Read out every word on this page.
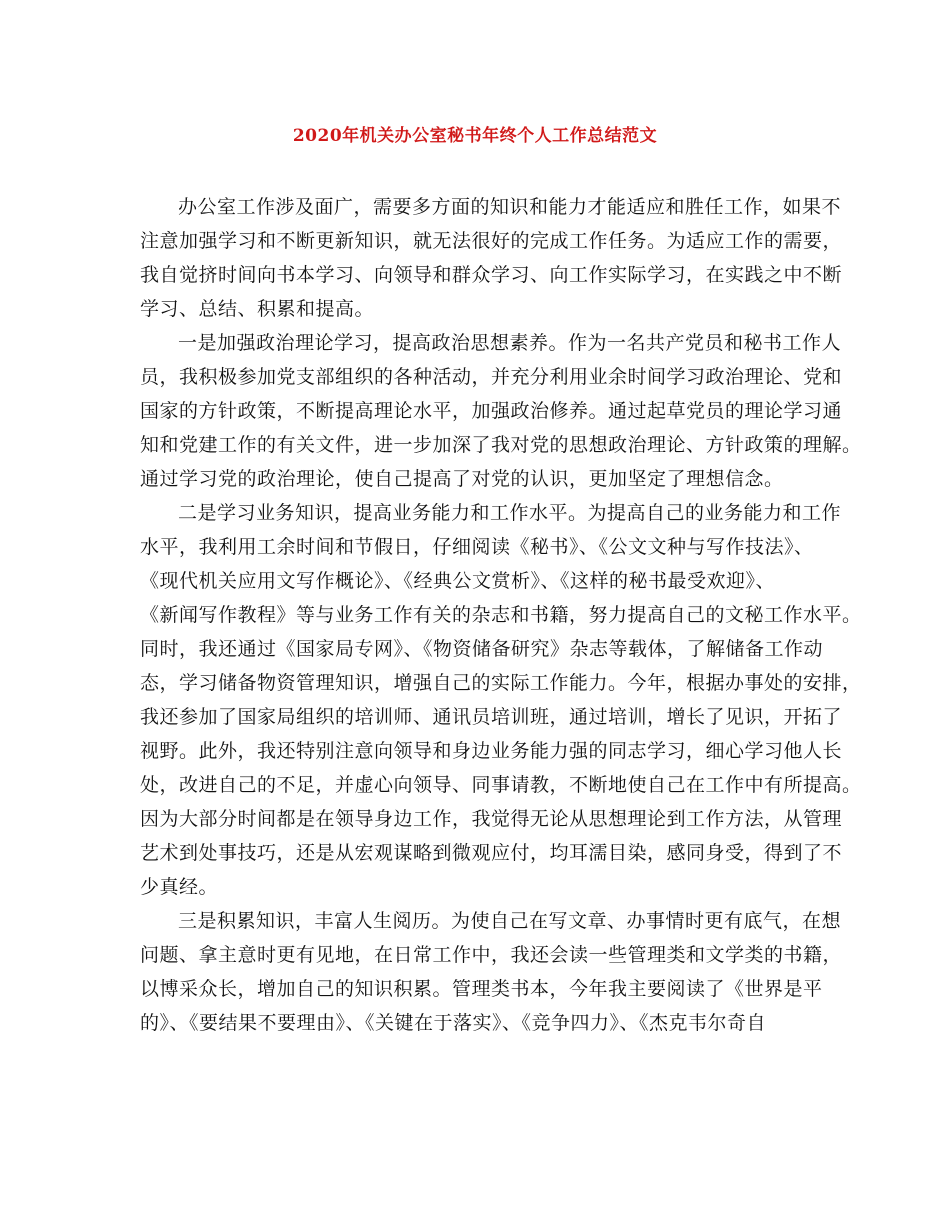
2020年机关办公室秘书年终个人工作总结范文
办公室工作涉及面广，需要多方面的知识和能力才能适应和胜任工作，如果不
注意加强学习和不断更新知识，就无法很好的完成工作任务。为适应工作的需要，
我自觉挤时间向书本学习、向领导和群众学习、向工作实际学习，在实践之中不断
学习、总结、积累和提高。
一是加强政治理论学习，提高政治思想素养。作为一名共产党员和秘书工作人
员，我积极参加党支部组织的各种活动，并充分利用业余时间学习政治理论、党和
国家的方针政策，不断提高理论水平，加强政治修养。通过起草党员的理论学习通
知和党建工作的有关文件，进一步加深了我对党的思想政治理论、方针政策的理解。
通过学习党的政治理论，使自己提高了对党的认识，更加坚定了理想信念。
二是学习业务知识，提高业务能力和工作水平。为提高自己的业务能力和工作
水平，我利用工余时间和节假日，仔细阅读《秘书》、《公文文种与写作技法》、
《现代机关应用文写作概论》、《经典公文赏析》、《这样的秘书最受欢迎》、
《新闻写作教程》等与业务工作有关的杂志和书籍，努力提高自己的文秘工作水平。
同时，我还通过《国家局专网》、《物资储备研究》杂志等载体，了解储备工作动
态，学习储备物资管理知识，增强自己的实际工作能力。今年，根据办事处的安排，
我还参加了国家局组织的培训师、通讯员培训班，通过培训，增长了见识，开拓了
视野。此外，我还特别注意向领导和身边业务能力强的同志学习，细心学习他人长
处，改进自己的不足，并虚心向领导、同事请教，不断地使自己在工作中有所提高。
因为大部分时间都是在领导身边工作，我觉得无论从思想理论到工作方法，从管理
艺术到处事技巧，还是从宏观谋略到微观应付，均耳濡目染，感同身受，得到了不
少真经。
三是积累知识，丰富人生阅历。为使自己在写文章、办事情时更有底气，在想
问题、拿主意时更有见地，在日常工作中，我还会读一些管理类和文学类的书籍，
以博采众长，增加自己的知识积累。管理类书本，今年我主要阅读了《世界是平
的》、《要结果不要理由》、《关键在于落实》、《竞争四力》、《杰克韦尔奇自
